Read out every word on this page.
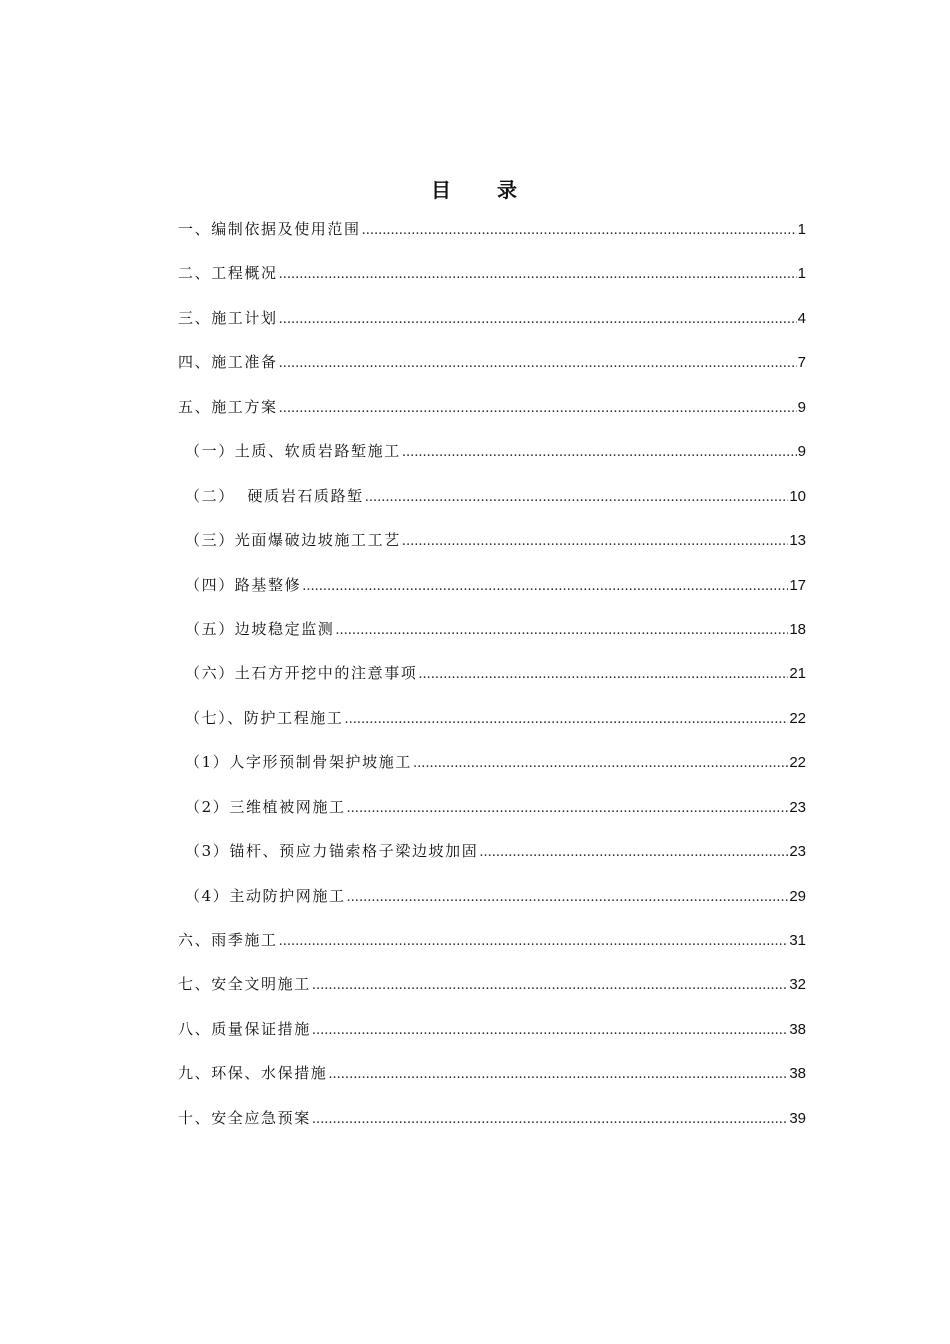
目 录
一、编制依据及使用范围 .....	1
二、工程概况 .....	1
三、施工计划 .....	4
四、施工准备 .....	7
五、施工方案 .....	9
（一）土质、软质岩路堑施工 .....	9
（二）  硬质岩石质路堑 .....	10
（三）光面爆破边坡施工工艺 .....	13
（四）路基整修 .....	17
（五）边坡稳定监测 .....	18
（六）土石方开挖中的注意事项 .....	21
（七）、防护工程施工 .....	22
（1）人字形预制骨架护坡施工 .....	22
（2）三维植被网施工 .....	23
（3）锚杆、预应力锚索格子梁边坡加固 .....	23
（4）主动防护网施工 .....	29
六、雨季施工 .....	31
七、安全文明施工 .....	32
八、质量保证措施 .....	38
九、环保、水保措施 .....	38
十、安全应急预案 .....	39
